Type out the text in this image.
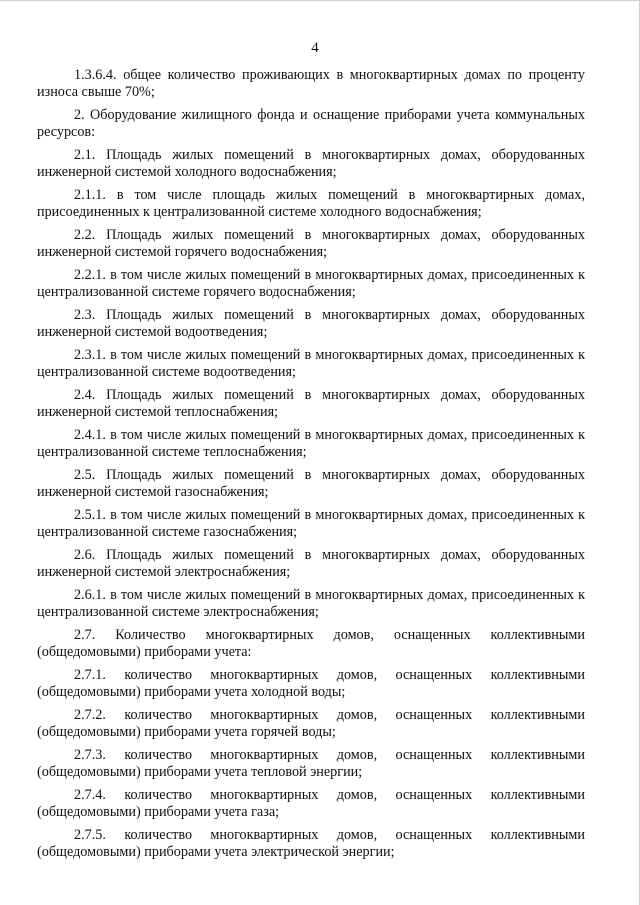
4

1.3.6.4. общее количество проживающих в многоквартирных домах по проценту износа свыше 70%;

2. Оборудование жилищного фонда и оснащение приборами учета коммунальных ресурсов:

2.1. Площадь жилых помещений в многоквартирных домах, оборудованных инженерной системой холодного водоснабжения;

2.1.1. в том числе площадь жилых помещений в многоквартирных домах, присоединенных к централизованной системе холодного водоснабжения;

2.2. Площадь жилых помещений в многоквартирных домах, оборудованных инженерной системой горячего водоснабжения;

2.2.1. в том числе жилых помещений в многоквартирных домах, присоединенных к централизованной системе горячего водоснабжения;

2.3. Площадь жилых помещений в многоквартирных домах, оборудованных инженерной системой водоотведения;

2.3.1. в том числе жилых помещений в многоквартирных домах, присоединенных к централизованной системе водоотведения;

2.4. Площадь жилых помещений в многоквартирных домах, оборудованных инженерной системой теплоснабжения;

2.4.1. в том числе жилых помещений в многоквартирных домах, присоединенных к централизованной системе теплоснабжения;

2.5. Площадь жилых помещений в многоквартирных домах, оборудованных инженерной системой газоснабжения;

2.5.1. в том числе жилых помещений в многоквартирных домах, присоединенных к централизованной системе газоснабжения;

2.6. Площадь жилых помещений в многоквартирных домах, оборудованных инженерной системой электроснабжения;

2.6.1. в том числе жилых помещений в многоквартирных домах, присоединенных к централизованной системе электроснабжения;

2.7. Количество многоквартирных домов, оснащенных коллективными (общедомовыми) приборами учета:

2.7.1. количество многоквартирных домов, оснащенных коллективными (общедомовыми) приборами учета холодной воды;

2.7.2. количество многоквартирных домов, оснащенных коллективными (общедомовыми) приборами учета горячей воды;

2.7.3. количество многоквартирных домов, оснащенных коллективными (общедомовыми) приборами учета тепловой энергии;

2.7.4. количество многоквартирных домов, оснащенных коллективными (общедомовыми) приборами учета газа;

2.7.5. количество многоквартирных домов, оснащенных коллективными (общедомовыми) приборами учета электрической энергии;
